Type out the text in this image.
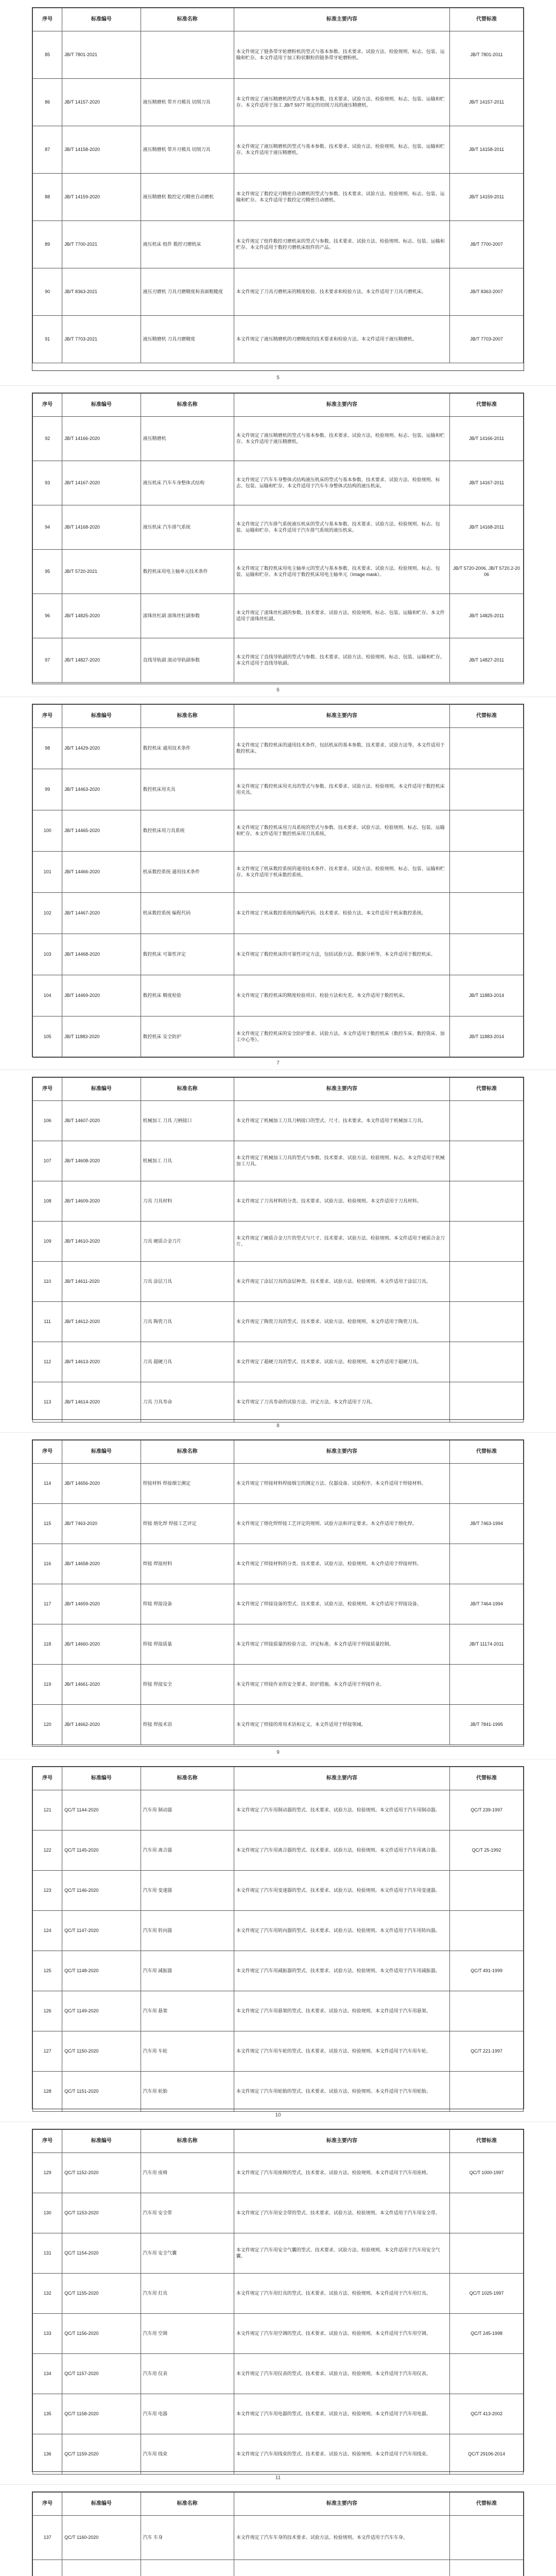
序号	标准编号	标准名称	标准主要内容	代替标准
85	JB/T 7801-2021		本文件规定了链条带牙轮磨粉机的型式与基本参数、技术要求、试验方法、检验规则、标志、包装、运输和贮存。本文件适用于加工粉状颗粒的链条带牙轮磨粉机。	JB/T 7801-2011
86	JB/T 14157-2020	液压精磨机 带开刃模具 切削刀具	本文件规定了液压精磨机的型式与基本参数、技术要求、试验方法、检验规则、标志、包装、运输和贮存。本文件适用于加工 JB/T 5977 规定的切削刀具的液压精磨机。	JB/T 14157-2011
87	JB/T 14158-2020	液压精磨机 带开刃模具 切削刀具	本文件规定了液压精磨机的型式与基本参数、技术要求、试验方法、检验规则、标志、包装、运输和贮存。本文件适用于液压精磨机。	JB/T 14158-2011
88	JB/T 14159-2020	液压精磨机 数控定刃精密自动磨机	本文件规定了数控定刃精密自动磨机的型式与参数、技术要求、试验方法、检验规则、标志、包装、运输和贮存。本文件适用于数控定刃精密自动磨机。	JB/T 14159-2011
89	JB/T 7700-2021	液压机床 组件 数控刃磨机床	本文件规定了组件数控刃磨机床的型式与参数、技术要求、试验方法、检验规则、标志、包装、运输和贮存。本文件适用于数控刃磨机床组件的产品。	JB/T 7700-2007
90	JB/T 8363-2021	液压刃磨机 刀具刃磨精度和表面粗糙度	本文件规定了刀具刃磨机床的精度检验、技术要求和检验方法。本文件适用于刀具刃磨机床。	JB/T 8363-2007
91	JB/T 7703-2021	液压精磨机 刀具刃磨精度	本文件规定了液压精磨机的刃磨精度的技术要求和检验方法。本文件适用于液压精磨机。	JB/T 7703-2007
5
序号	标准编号	标准名称	标准主要内容	代替标准
92	JB/T 14166-2020	液压精磨机	本文件规定了液压精磨机的型式与基本参数、技术要求、试验方法、检验规则、标志、包装、运输和贮存。本文件适用于液压精磨机。	JB/T 14166-2011
93	JB/T 14167-2020	液压机床 汽车车身整体式结构	本文件规定了汽车车身整体式结构液压机床的型式与基本参数、技术要求、试验方法、检验规则、标志、包装、运输和贮存。本文件适用于汽车车身整体式结构的液压机床。	JB/T 14167-2011
94	JB/T 14168-2020	液压机床 汽车排气系统	本文件规定了汽车排气系统液压机床的型式与基本参数、技术要求、试验方法、检验规则、标志、包装、运输和贮存。本文件适用于汽车排气系统的液压机床。	JB/T 14168-2011
95	JB/T 5720-2021	数控机床用电主轴单元技术条件	本文件规定了数控机床用电主轴单元的型式与基本参数、技术要求、试验方法、检验规则、标志、包装、运输和贮存。本文件适用于数控机床用电主轴单元（Image mask）。	JB/T 5720-2006, JB/T 5720.2-2006
96	JB/T 14825-2020	滚珠丝杠副 滚珠丝杠副参数	本文件规定了滚珠丝杠副的参数、技术要求、试验方法、检验规则、标志、包装、运输和贮存。本文件适用于滚珠丝杠副。	JB/T 14825-2011
97	JB/T 14827-2020	直线导轨副 滚动导轨副参数	本文件规定了直线导轨副的型式与参数、技术要求、试验方法、检验规则、标志、包装、运输和贮存。本文件适用于直线导轨副。	JB/T 14827-2011
6
序号	标准编号	标准名称	标准主要内容	代替标准
98	JB/T 14429-2020	数控机床 通用技术条件	本文件规定了数控机床的通用技术条件，包括机床的基本参数、技术要求、试验方法等。本文件适用于数控机床。	
99	JB/T 14463-2020	数控机床用夹具	本文件规定了数控机床用夹具的型式与参数、技术要求、试验方法、检验规则。本文件适用于数控机床用夹具。	
100	JB/T 14465-2020	数控机床用刀具系统	本文件规定了数控机床用刀具系统的型式与参数、技术要求、试验方法、检验规则、标志、包装、运输和贮存。本文件适用于数控机床用刀具系统。	
101	JB/T 14466-2020	机床数控系统 通用技术条件	本文件规定了机床数控系统的通用技术条件、技术要求、试验方法、检验规则、标志、包装、运输和贮存。本文件适用于机床数控系统。	
102	JB/T 14467-2020	机床数控系统 编程代码	本文件规定了机床数控系统的编程代码、技术要求、检验方法。本文件适用于机床数控系统。	
103	JB/T 14468-2020	数控机床 可靠性评定	本文件规定了数控机床的可靠性评定方法，包括试验方法、数据分析等。本文件适用于数控机床。	
104	JB/T 14469-2020	数控机床 精度检验	本文件规定了数控机床的精度检验项目、检验方法和允差。本文件适用于数控机床。	JB/T 11883-2014
105	JB/T 11883-2020	数控机床 安全防护	本文件规定了数控机床的安全防护要求、试验方法。本文件适用于数控机床（数控车床、数控铣床、加工中心等）。	JB/T 11883-2014
7
序号	标准编号	标准名称	标准主要内容	代替标准
106	JB/T 14607-2020	机械加工 刀具 刀柄接口	本文件规定了机械加工刀具刀柄接口的型式、尺寸、技术要求。本文件适用于机械加工刀具。	
107	JB/T 14608-2020	机械加工 刀具	本文件规定了机械加工刀具的型式与参数、技术要求、试验方法、检验规则、标志。本文件适用于机械加工刀具。	
108	JB/T 14609-2020	刀具 刀具材料	本文件规定了刀具材料的分类、技术要求、试验方法、检验规则。本文件适用于刀具材料。	
109	JB/T 14610-2020	刀具 硬质合金刀片	本文件规定了硬质合金刀片的型式与尺寸、技术要求、试验方法、检验规则。本文件适用于硬质合金刀片。	
110	JB/T 14611-2020	刀具 涂层刀具	本文件规定了涂层刀具的涂层种类、技术要求、试验方法、检验规则。本文件适用于涂层刀具。	
111	JB/T 14612-2020	刀具 陶瓷刀具	本文件规定了陶瓷刀具的型式、技术要求、试验方法、检验规则。本文件适用于陶瓷刀具。	
112	JB/T 14613-2020	刀具 超硬刀具	本文件规定了超硬刀具的型式、技术要求、试验方法、检验规则。本文件适用于超硬刀具。	
113	JB/T 14614-2020	刀具 刀具寿命	本文件规定了刀具寿命的试验方法、评定方法。本文件适用于刀具。	
8
序号	标准编号	标准名称	标准主要内容	代替标准
114	JB/T 14656-2020	焊接材料 焊接烟尘测定	本文件规定了焊接材料焊接烟尘的测定方法、仪器设备、试验程序。本文件适用于焊接材料。	
115	JB/T 7463-2020	焊接 熔化焊 焊接工艺评定	本文件规定了熔化焊焊接工艺评定的规则、试验方法和评定要求。本文件适用于熔化焊。	JB/T 7463-1994
116	JB/T 14658-2020	焊接 焊接材料	本文件规定了焊接材料的分类、技术要求、试验方法、检验规则。本文件适用于焊接材料。	
117	JB/T 14659-2020	焊接 焊接设备	本文件规定了焊接设备的型式、技术要求、试验方法、检验规则。本文件适用于焊接设备。	JB/T 7464-1994
118	JB/T 14660-2020	焊接 焊接质量	本文件规定了焊接质量的检验方法、评定标准。本文件适用于焊接质量控制。	JB/T 11174-2011
119	JB/T 14661-2020	焊接 焊接安全	本文件规定了焊接作业的安全要求、防护措施。本文件适用于焊接作业。	
120	JB/T 14662-2020	焊接 焊接术语	本文件规定了焊接的常用术语和定义。本文件适用于焊接领域。	JB/T 7841-1995
9
序号	标准编号	标准名称	标准主要内容	代替标准
121	QC/T 1144-2020	汽车用 制动器	本文件规定了汽车用制动器的型式、技术要求、试验方法、检验规则。本文件适用于汽车用制动器。	QC/T 239-1997
122	QC/T 1145-2020	汽车用 离合器	本文件规定了汽车用离合器的型式、技术要求、试验方法、检验规则。本文件适用于汽车用离合器。	QC/T 25-1992
123	QC/T 1146-2020	汽车用 变速器	本文件规定了汽车用变速器的型式、技术要求、试验方法、检验规则。本文件适用于汽车用变速器。	
124	QC/T 1147-2020	汽车用 转向器	本文件规定了汽车用转向器的型式、技术要求、试验方法、检验规则。本文件适用于汽车用转向器。	
125	QC/T 1148-2020	汽车用 减振器	本文件规定了汽车用减振器的型式、技术要求、试验方法、检验规则。本文件适用于汽车用减振器。	QC/T 491-1999
126	QC/T 1149-2020	汽车用 悬架	本文件规定了汽车用悬架的型式、技术要求、试验方法、检验规则。本文件适用于汽车用悬架。	
127	QC/T 1150-2020	汽车用 车轮	本文件规定了汽车用车轮的型式、技术要求、试验方法、检验规则。本文件适用于汽车用车轮。	QC/T 221-1997
128	QC/T 1151-2020	汽车用 轮胎	本文件规定了汽车用轮胎的型式、技术要求、试验方法、检验规则。本文件适用于汽车用轮胎。	
10
序号	标准编号	标准名称	标准主要内容	代替标准
129	QC/T 1152-2020	汽车用 座椅	本文件规定了汽车用座椅的型式、技术要求、试验方法、检验规则。本文件适用于汽车用座椅。	QC/T 1000-1997
130	QC/T 1153-2020	汽车用 安全带	本文件规定了汽车用安全带的型式、技术要求、试验方法、检验规则。本文件适用于汽车用安全带。	
131	QC/T 1154-2020	汽车用 安全气囊	本文件规定了汽车用安全气囊的型式、技术要求、试验方法、检验规则。本文件适用于汽车用安全气囊。	
132	QC/T 1155-2020	汽车用 灯具	本文件规定了汽车用灯具的型式、技术要求、试验方法、检验规则。本文件适用于汽车用灯具。	QC/T 1025-1997
133	QC/T 1156-2020	汽车用 空调	本文件规定了汽车用空调的型式、技术要求、试验方法、检验规则。本文件适用于汽车用空调。	QC/T 245-1998
134	QC/T 1157-2020	汽车用 仪表	本文件规定了汽车用仪表的型式、技术要求、试验方法、检验规则。本文件适用于汽车用仪表。	
135	QC/T 1158-2020	汽车用 电器	本文件规定了汽车用电器的型式、技术要求、试验方法、检验规则。本文件适用于汽车用电器。	QC/T 413-2002
136	QC/T 1159-2020	汽车用 线束	本文件规定了汽车用线束的型式、技术要求、试验方法、检验规则。本文件适用于汽车用线束。	QC/T 29106-2014
11
序号	标准编号	标准名称	标准主要内容	代替标准
137	QC/T 1160-2020	汽车 车身	本文件规定了汽车车身的技术要求、试验方法、检验规则。本文件适用于汽车车身。	
